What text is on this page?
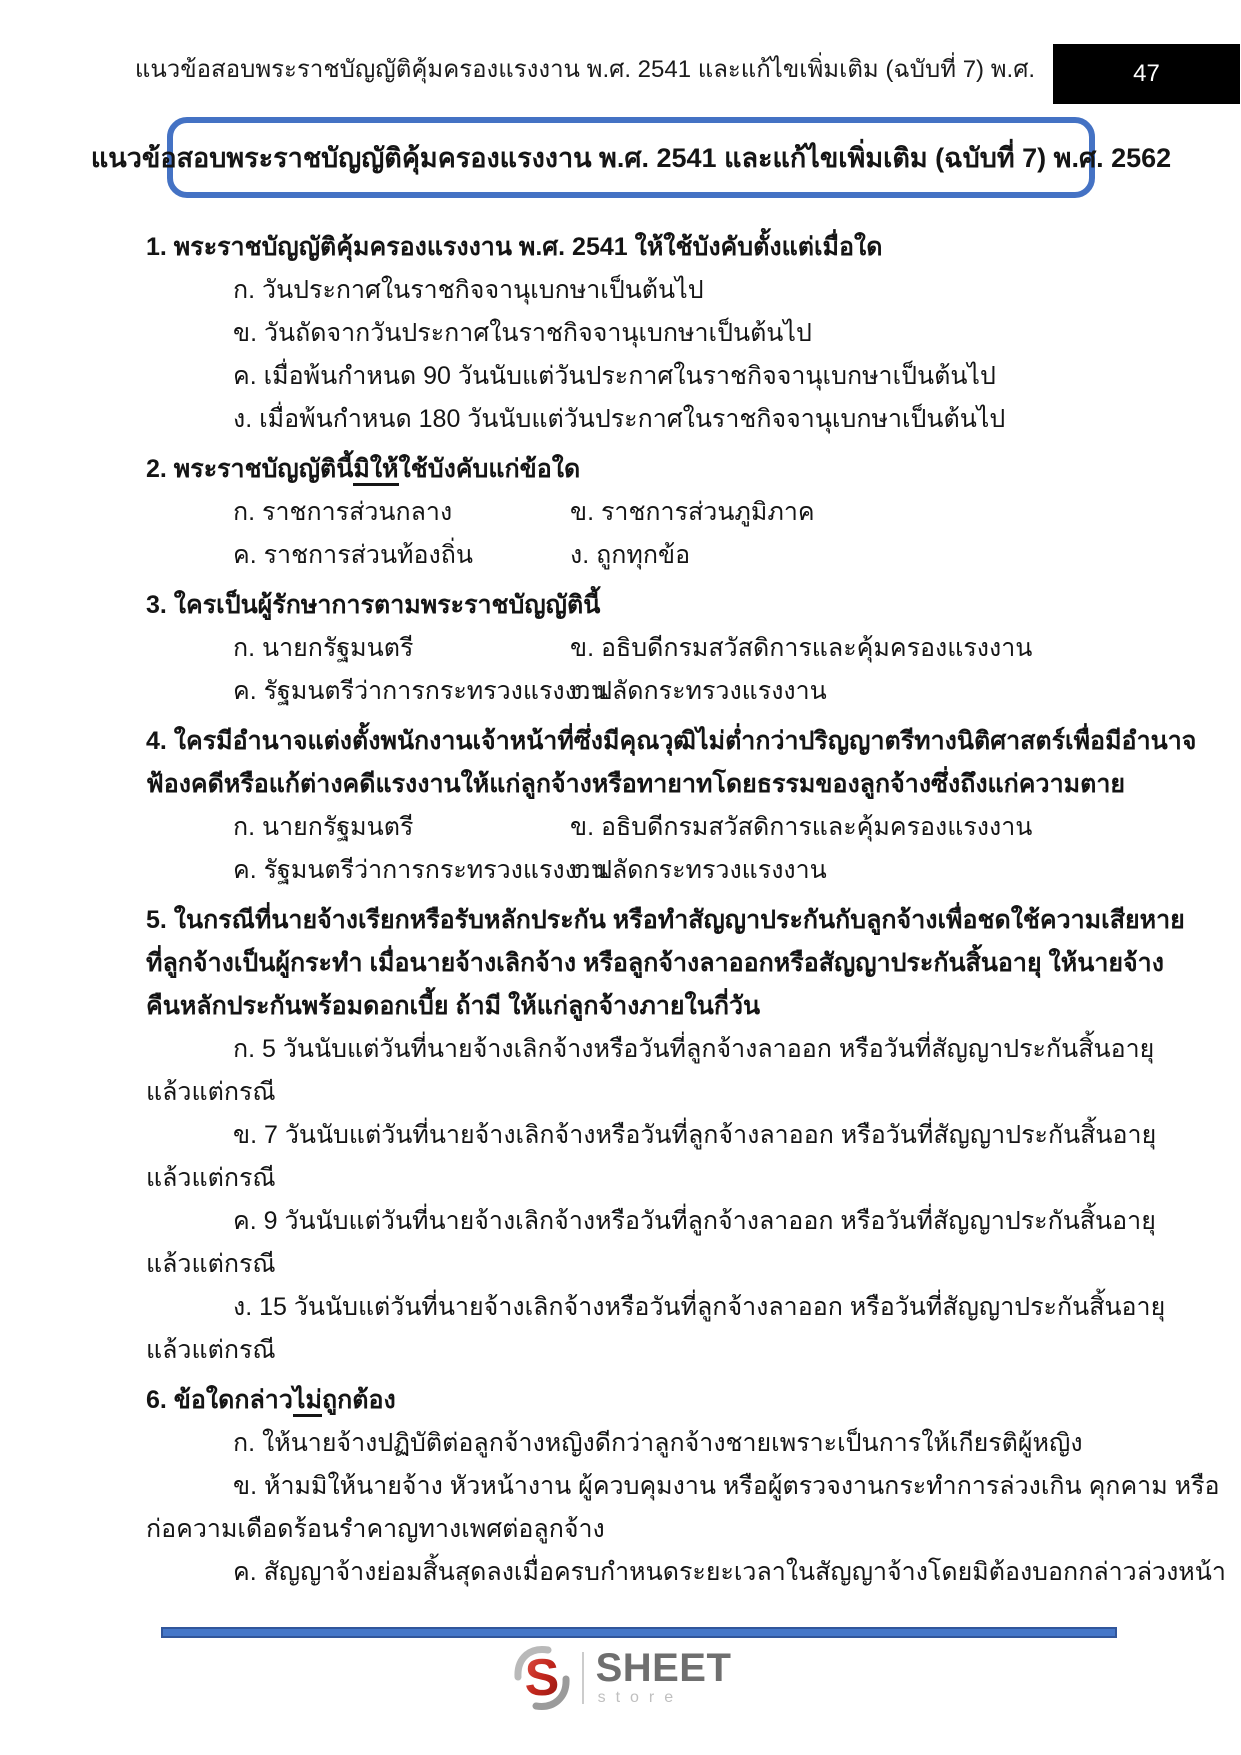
แนวข้อสอบพระราชบัญญัติคุ้มครองแรงงาน พ.ศ. 2541 และแก้ไขเพิ่มเติม (ฉบับที่ 7) พ.ศ.	47
แนวข้อสอบพระราชบัญญัติคุ้มครองแรงงาน พ.ศ. 2541 และแก้ไขเพิ่มเติม (ฉบับที่ 7) พ.ศ. 2562
1. พระราชบัญญัติคุ้มครองแรงงาน พ.ศ. 2541 ให้ใช้บังคับตั้งแต่เมื่อใด
ก. วันประกาศในราชกิจจานุเบกษาเป็นต้นไป
ข. วันถัดจากวันประกาศในราชกิจจานุเบกษาเป็นต้นไป
ค. เมื่อพ้นกำหนด 90 วันนับแต่วันประกาศในราชกิจจานุเบกษาเป็นต้นไป
ง. เมื่อพ้นกำหนด 180 วันนับแต่วันประกาศในราชกิจจานุเบกษาเป็นต้นไป
2. พระราชบัญญัตินี้มิให้ใช้บังคับแก่ข้อใด
ก. ราชการส่วนกลาง	ข. ราชการส่วนภูมิภาค
ค. ราชการส่วนท้องถิ่น	ง. ถูกทุกข้อ
3. ใครเป็นผู้รักษาการตามพระราชบัญญัตินี้
ก. นายกรัฐมนตรี	ข. อธิบดีกรมสวัสดิการและคุ้มครองแรงงาน
ค. รัฐมนตรีว่าการกระทรวงแรงงาน
ง. ปลัดกระทรวงแรงงาน
4. ใครมีอำนาจแต่งตั้งพนักงานเจ้าหน้าที่ซึ่งมีคุณวุฒิไม่ต่ำกว่าปริญญาตรีทางนิติศาสตร์เพื่อมีอำนาจ
ฟ้องคดีหรือแก้ต่างคดีแรงงานให้แก่ลูกจ้างหรือทายาทโดยธรรมของลูกจ้างซึ่งถึงแก่ความตาย
ก. นายกรัฐมนตรี	ข. อธิบดีกรมสวัสดิการและคุ้มครองแรงงาน
ค. รัฐมนตรีว่าการกระทรวงแรงงาน
ง. ปลัดกระทรวงแรงงาน
5. ในกรณีที่นายจ้างเรียกหรือรับหลักประกัน หรือทำสัญญาประกันกับลูกจ้างเพื่อชดใช้ความเสียหาย
ที่ลูกจ้างเป็นผู้กระทำ เมื่อนายจ้างเลิกจ้าง หรือลูกจ้างลาออกหรือสัญญาประกันสิ้นอายุ ให้นายจ้าง
คืนหลักประกันพร้อมดอกเบี้ย ถ้ามี ให้แก่ลูกจ้างภายในกี่วัน
ก. 5 วันนับแต่วันที่นายจ้างเลิกจ้างหรือวันที่ลูกจ้างลาออก หรือวันที่สัญญาประกันสิ้นอายุ
แล้วแต่กรณี
ข. 7 วันนับแต่วันที่นายจ้างเลิกจ้างหรือวันที่ลูกจ้างลาออก หรือวันที่สัญญาประกันสิ้นอายุ
แล้วแต่กรณี
ค. 9 วันนับแต่วันที่นายจ้างเลิกจ้างหรือวันที่ลูกจ้างลาออก หรือวันที่สัญญาประกันสิ้นอายุ
แล้วแต่กรณี
ง. 15 วันนับแต่วันที่นายจ้างเลิกจ้างหรือวันที่ลูกจ้างลาออก หรือวันที่สัญญาประกันสิ้นอายุ
แล้วแต่กรณี
6. ข้อใดกล่าวไม่ถูกต้อง
ก. ให้นายจ้างปฏิบัติต่อลูกจ้างหญิงดีกว่าลูกจ้างชายเพราะเป็นการให้เกียรติผู้หญิง
ข. ห้ามมิให้นายจ้าง หัวหน้างาน ผู้ควบคุมงาน หรือผู้ตรวจงานกระทำการล่วงเกิน คุกคาม หรือ
ก่อความเดือดร้อนรำคาญทางเพศต่อลูกจ้าง
ค. สัญญาจ้างย่อมสิ้นสุดลงเมื่อครบกำหนดระยะเวลาในสัญญาจ้างโดยมิต้องบอกกล่าวล่วงหน้า
S SHEET
store
